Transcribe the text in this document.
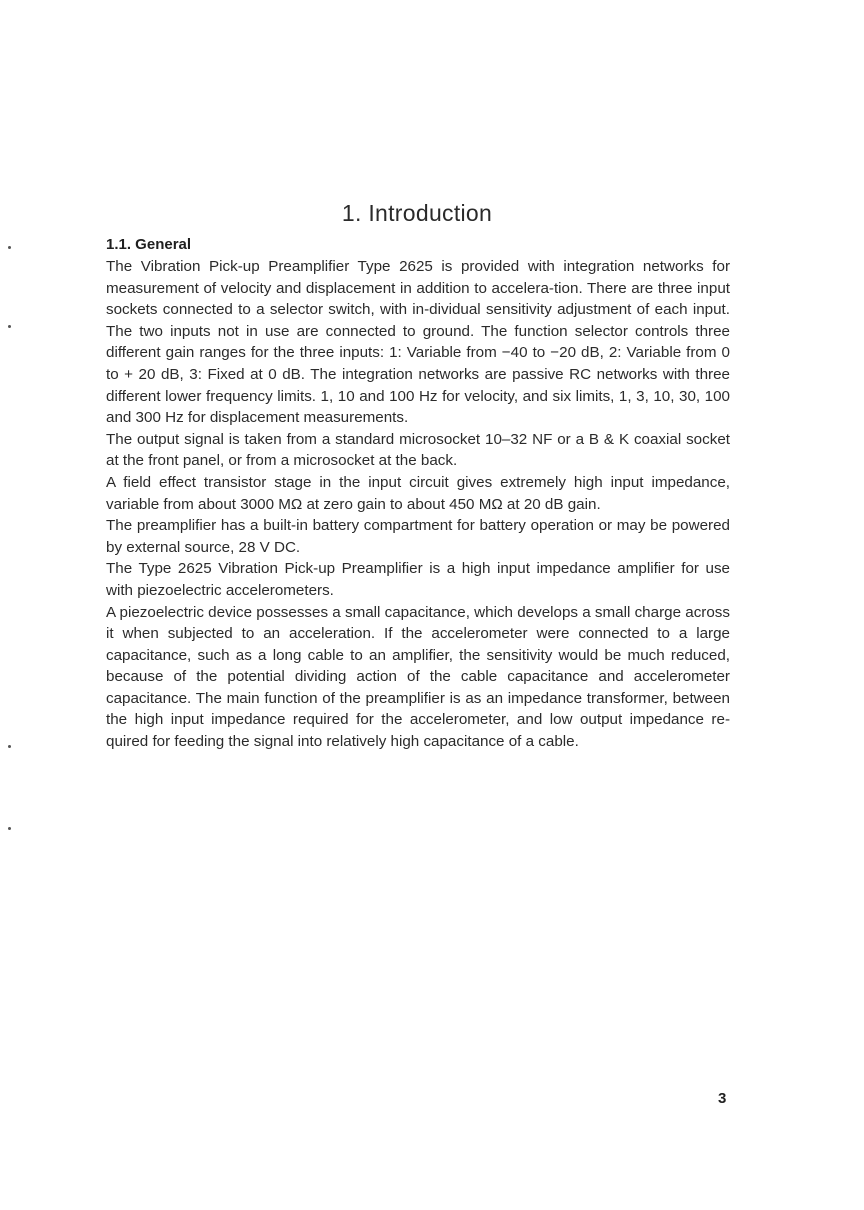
1. Introduction
1.1. General

The Vibration Pick-up Preamplifier Type 2625 is provided with integration networks for measurement of velocity and displacement in addition to accelera-tion. There are three input sockets connected to a selector switch, with in-dividual sensitivity adjustment of each input. The two inputs not in use are connected to ground. The function selector controls three different gain ranges for the three inputs: 1: Variable from −40 to −20 dB, 2: Variable from 0 to + 20 dB, 3: Fixed at 0 dB. The integration networks are passive RC networks with three different lower frequency limits. 1, 10 and 100 Hz for velocity, and six limits, 1, 3, 10, 30, 100 and 300 Hz for displacement measurements.

The output signal is taken from a standard microsocket 10–32 NF or a B & K coaxial socket at the front panel, or from a microsocket at the back.

A field effect transistor stage in the input circuit gives extremely high input impedance, variable from about 3000 MΩ at zero gain to about 450 MΩ at 20 dB gain.

The preamplifier has a built-in battery compartment for battery operation or may be powered by external source, 28 V DC.

The Type 2625 Vibration Pick-up Preamplifier is a high input impedance amplifier for use with piezoelectric accelerometers.

A piezoelectric device possesses a small capacitance, which develops a small charge across it when subjected to an acceleration. If the accelerometer were connected to a large capacitance, such as a long cable to an amplifier, the sensitivity would be much reduced, because of the potential dividing action of the cable capacitance and accelerometer capacitance. The main function of the preamplifier is as an impedance transformer, between the high input impedance required for the accelerometer, and low output impedance re-quired for feeding the signal into relatively high capacitance of a cable.

3
